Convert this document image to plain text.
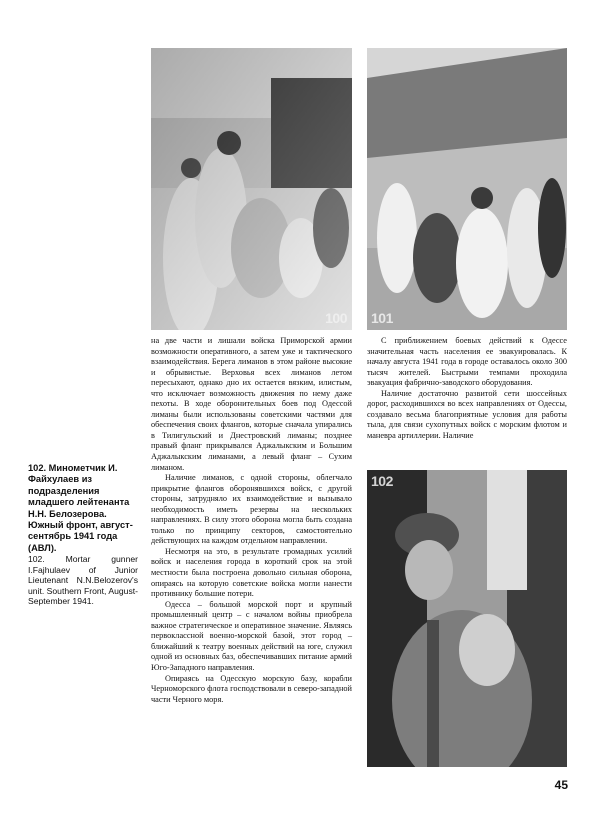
100 101
102

на две части и лишали войска Приморской армии возможности оперативного, а затем уже и тактического взаимодействия. Берега лиманов в этом районе высокие и обрывистые. Верховья всех лиманов летом пересыхают, однако дно их остается вязким, илистым, что исключает возможность движения по нему даже пехоты. В ходе оборонительных боев под Одессой лиманы были использованы советскими частями для обеспечения своих флангов, которые сначала упирались в Тилигульский и Днестровский лиманы; позднее правый фланг прикрывался Аджалыкским и Большим Аджалыкским лиманами, а левый фланг – Сухим лиманом.

Наличие лиманов, с одной стороны, облегчало прикрытие флангов оборонявшихся войск, с другой стороны, затрудняло их взаимодействие и вызывало необходимость иметь резервы на нескольких направлениях. В силу этого оборона могла быть создана только по принципу секторов, самостоятельно действующих на каждом отдельном направлении.

Несмотря на это, в результате громадных усилий войск и населения города в короткий срок на этой местности была построена довольно сильная оборона, опираясь на которую советские войска могли нанести противнику большие потери.

Одесса – большой морской порт и крупный промышленный центр – с началом войны приобрела важное стратегическое и оперативное значение. Являясь первоклассной военно-морской базой, этот город – ближайший к театру военных действий на юге, служил одной из основных баз, обеспечивавших питание армий Юго-Западного направления.

Опираясь на Одесскую морскую базу, корабли Черноморского флота господствовали в северо-западной части Черного моря.

С приближением боевых действий к Одессе значительная часть населения ее эвакуировалась. К началу августа 1941 года в городе оставалось около 300 тысяч жителей. Быстрыми темпами проходила эвакуация фабрично-заводского оборудования.

Наличие достаточно развитой сети шоссейных дорог, расходившихся во всех направлениях от Одессы, создавало весьма благоприятные условия для работы тыла, для связи сухопутных войск с морским флотом и маневра артиллерии. Наличие

102. Минометчик И. Файхулаев из подразделения младшего лейтенанта Н.Н. Белозерова. Южный фронт, август-сентябрь 1941 года (АВЛ).
102. Mortar gunner I.Fajhulaev of Junior Lieutenant N.N.Belozerov's unit. Southern Front, August-September 1941.
45
